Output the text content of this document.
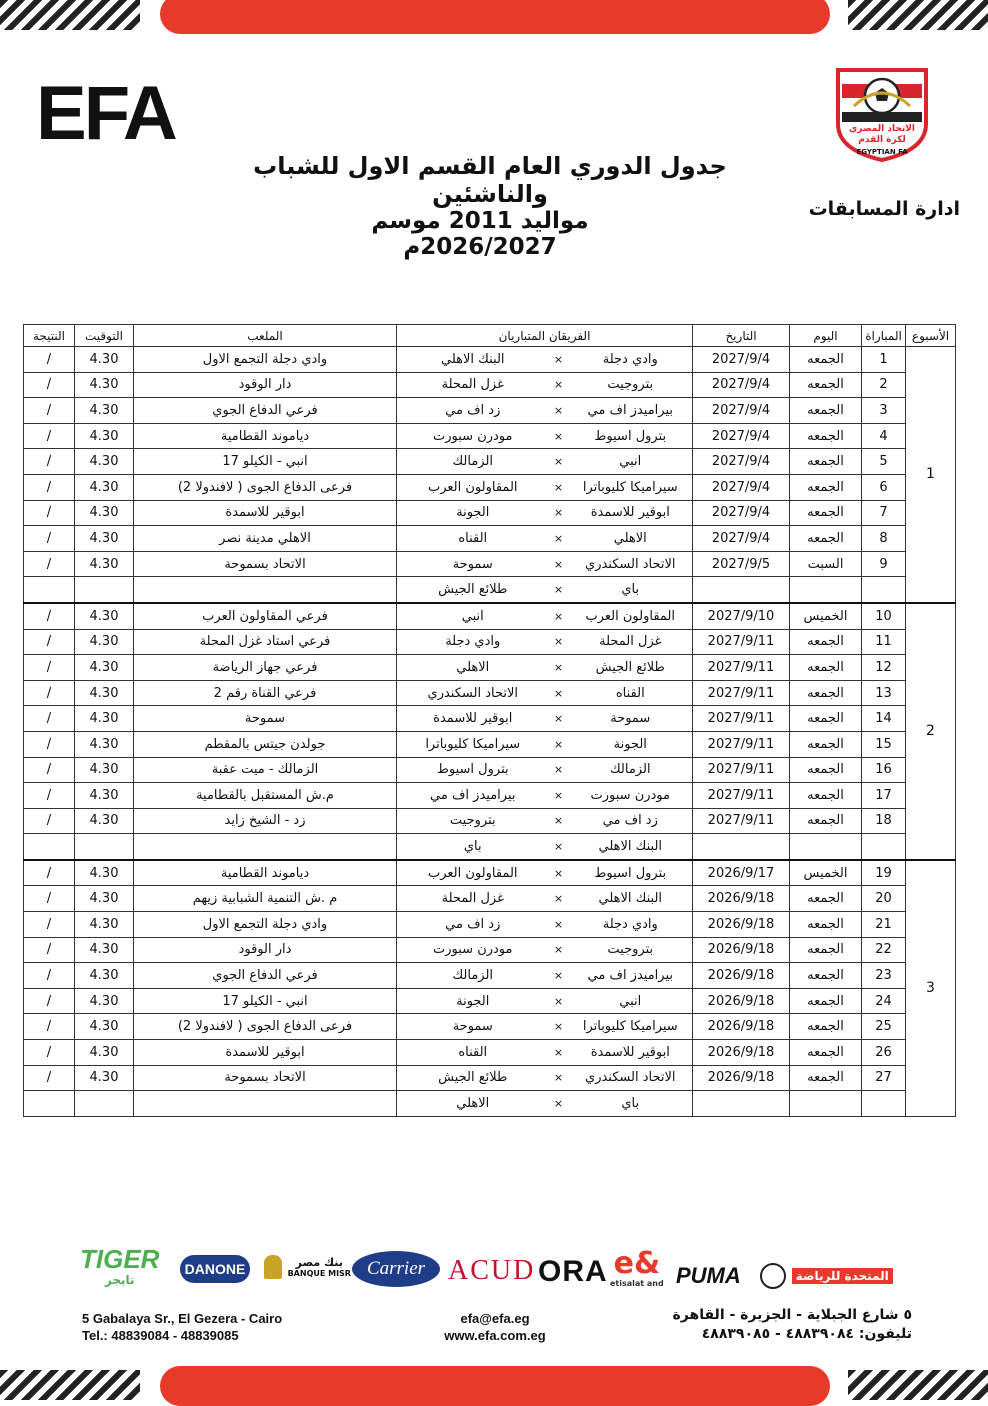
EFA	الاتحاد المصري لكرة القدم
EGYPTIAN FA
جدول الدوري العام القسم الاول للشباب والناشئين
مواليد 2011 موسم 2026/2027م
ادارة المسابقات
الأسبوع	المباراة	اليوم	التاريخ	الفريقان المتباريان			الملعب	التوقيت	النتيجة
1	1	الجمعه	2027/9/4	وادي دجلة	×	البنك الاهلي	وادي دجلة التجمع الاول	4.30	/
	2	الجمعه	2027/9/4	بتروجيت	×	غزل المحلة	دار الوقود	4.30	/
	3	الجمعه	2027/9/4	بيراميدز اف مي	×	زد اف مي	فرعي الدفاع الجوي	4.30	/
	4	الجمعه	2027/9/4	بترول اسيوط	×	مودرن سبورت	دياموند القطامية	4.30	/
	5	الجمعه	2027/9/4	انبي	×	الزمالك	انبي - الكيلو 17	4.30	/
	6	الجمعه	2027/9/4	سيراميكا كليوباترا	×	المقاولون العرب	فرعى الدفاع الجوى ( لافندولا 2)	4.30	/
	7	الجمعه	2027/9/4	ابوقير للاسمدة	×	الجونة	ابوقير للاسمدة	4.30	/
	8	الجمعه	2027/9/4	الاهلي	×	القناه	الاهلي مدينة نصر	4.30	/
	9	السبت	2027/9/5	الاتحاد السكندري	×	سموحة	الاتحاد بسموحة	4.30	/
				باي	×	طلائع الجيش			
2	10	الخميس	2027/9/10	المقاولون العرب	×	انبي	فرعي المقاولون العرب	4.30	/
	11	الجمعه	2027/9/11	غزل المحلة	×	وادي دجلة	فرعي استاد غزل المحلة	4.30	/
	12	الجمعه	2027/9/11	طلائع الجيش	×	الاهلي	فرعي جهاز الرياضة	4.30	/
	13	الجمعه	2027/9/11	القناه	×	الاتحاد السكندري	فرعي القناة رقم 2	4.30	/
	14	الجمعه	2027/9/11	سموحة	×	ابوقير للاسمدة	سموحة	4.30	/
	15	الجمعه	2027/9/11	الجونة	×	سيراميكا كليوباترا	جولدن جيتس بالمقطم	4.30	/
	16	الجمعه	2027/9/11	الزمالك	×	بترول اسيوط	الزمالك - ميت عقبة	4.30	/
	17	الجمعه	2027/9/11	مودرن سبورت	×	بيراميدز اف مي	م.ش المستقبل بالقطامية	4.30	/
	18	الجمعه	2027/9/11	زد اف مي	×	بتروجيت	زد - الشيخ زايد	4.30	/
				البنك الاهلي	×	باي			
3	19	الخميس	2026/9/17	بترول اسيوط	×	المقاولون العرب	دياموند القطامية	4.30	/
	20	الجمعه	2026/9/18	البنك الاهلي	×	غزل المحلة	م .ش التنمية الشبابية زيهم	4.30	/
	21	الجمعه	2026/9/18	وادي دجلة	×	زد اف مي	وادي دجلة التجمع الاول	4.30	/
	22	الجمعه	2026/9/18	بتروجيت	×	مودرن سبورت	دار الوقود	4.30	/
	23	الجمعه	2026/9/18	بيراميدز اف مي	×	الزمالك	فرعي الدفاع الجوي	4.30	/
	24	الجمعه	2026/9/18	انبي	×	الجونة	انبي - الكيلو 17	4.30	/
	25	الجمعه	2026/9/18	سيراميكا كليوباترا	×	سموحة	فرعى الدفاع الجوى ( لافندولا 2)	4.30	/
	26	الجمعه	2026/9/18	ابوقير للاسمدة	×	القناه	ابوقير للاسمدة	4.30	/
	27	الجمعه	2026/9/18	الاتحاد السكندري	×	طلائع الجيش	الاتحاد بسموحة	4.30	/
				باي	×	الاهلي			
المتحدة للرياضة
PUMA
e&
etisalat and
ORA
ACUD
Carrier

بنك مصر
BANQUE MISR
DANONE
TIGER
تايجر
5 Gabalaya Sr., El Gezera - Cairo
Tel.: 48839084 - 48839085
efa@efa.eg
www.efa.com.eg
٥ شارع الجبلاية - الجزيرة - القاهرة
تليفون: ٤٨٨٣٩٠٨٤ - ٤٨٨٣٩٠٨٥
